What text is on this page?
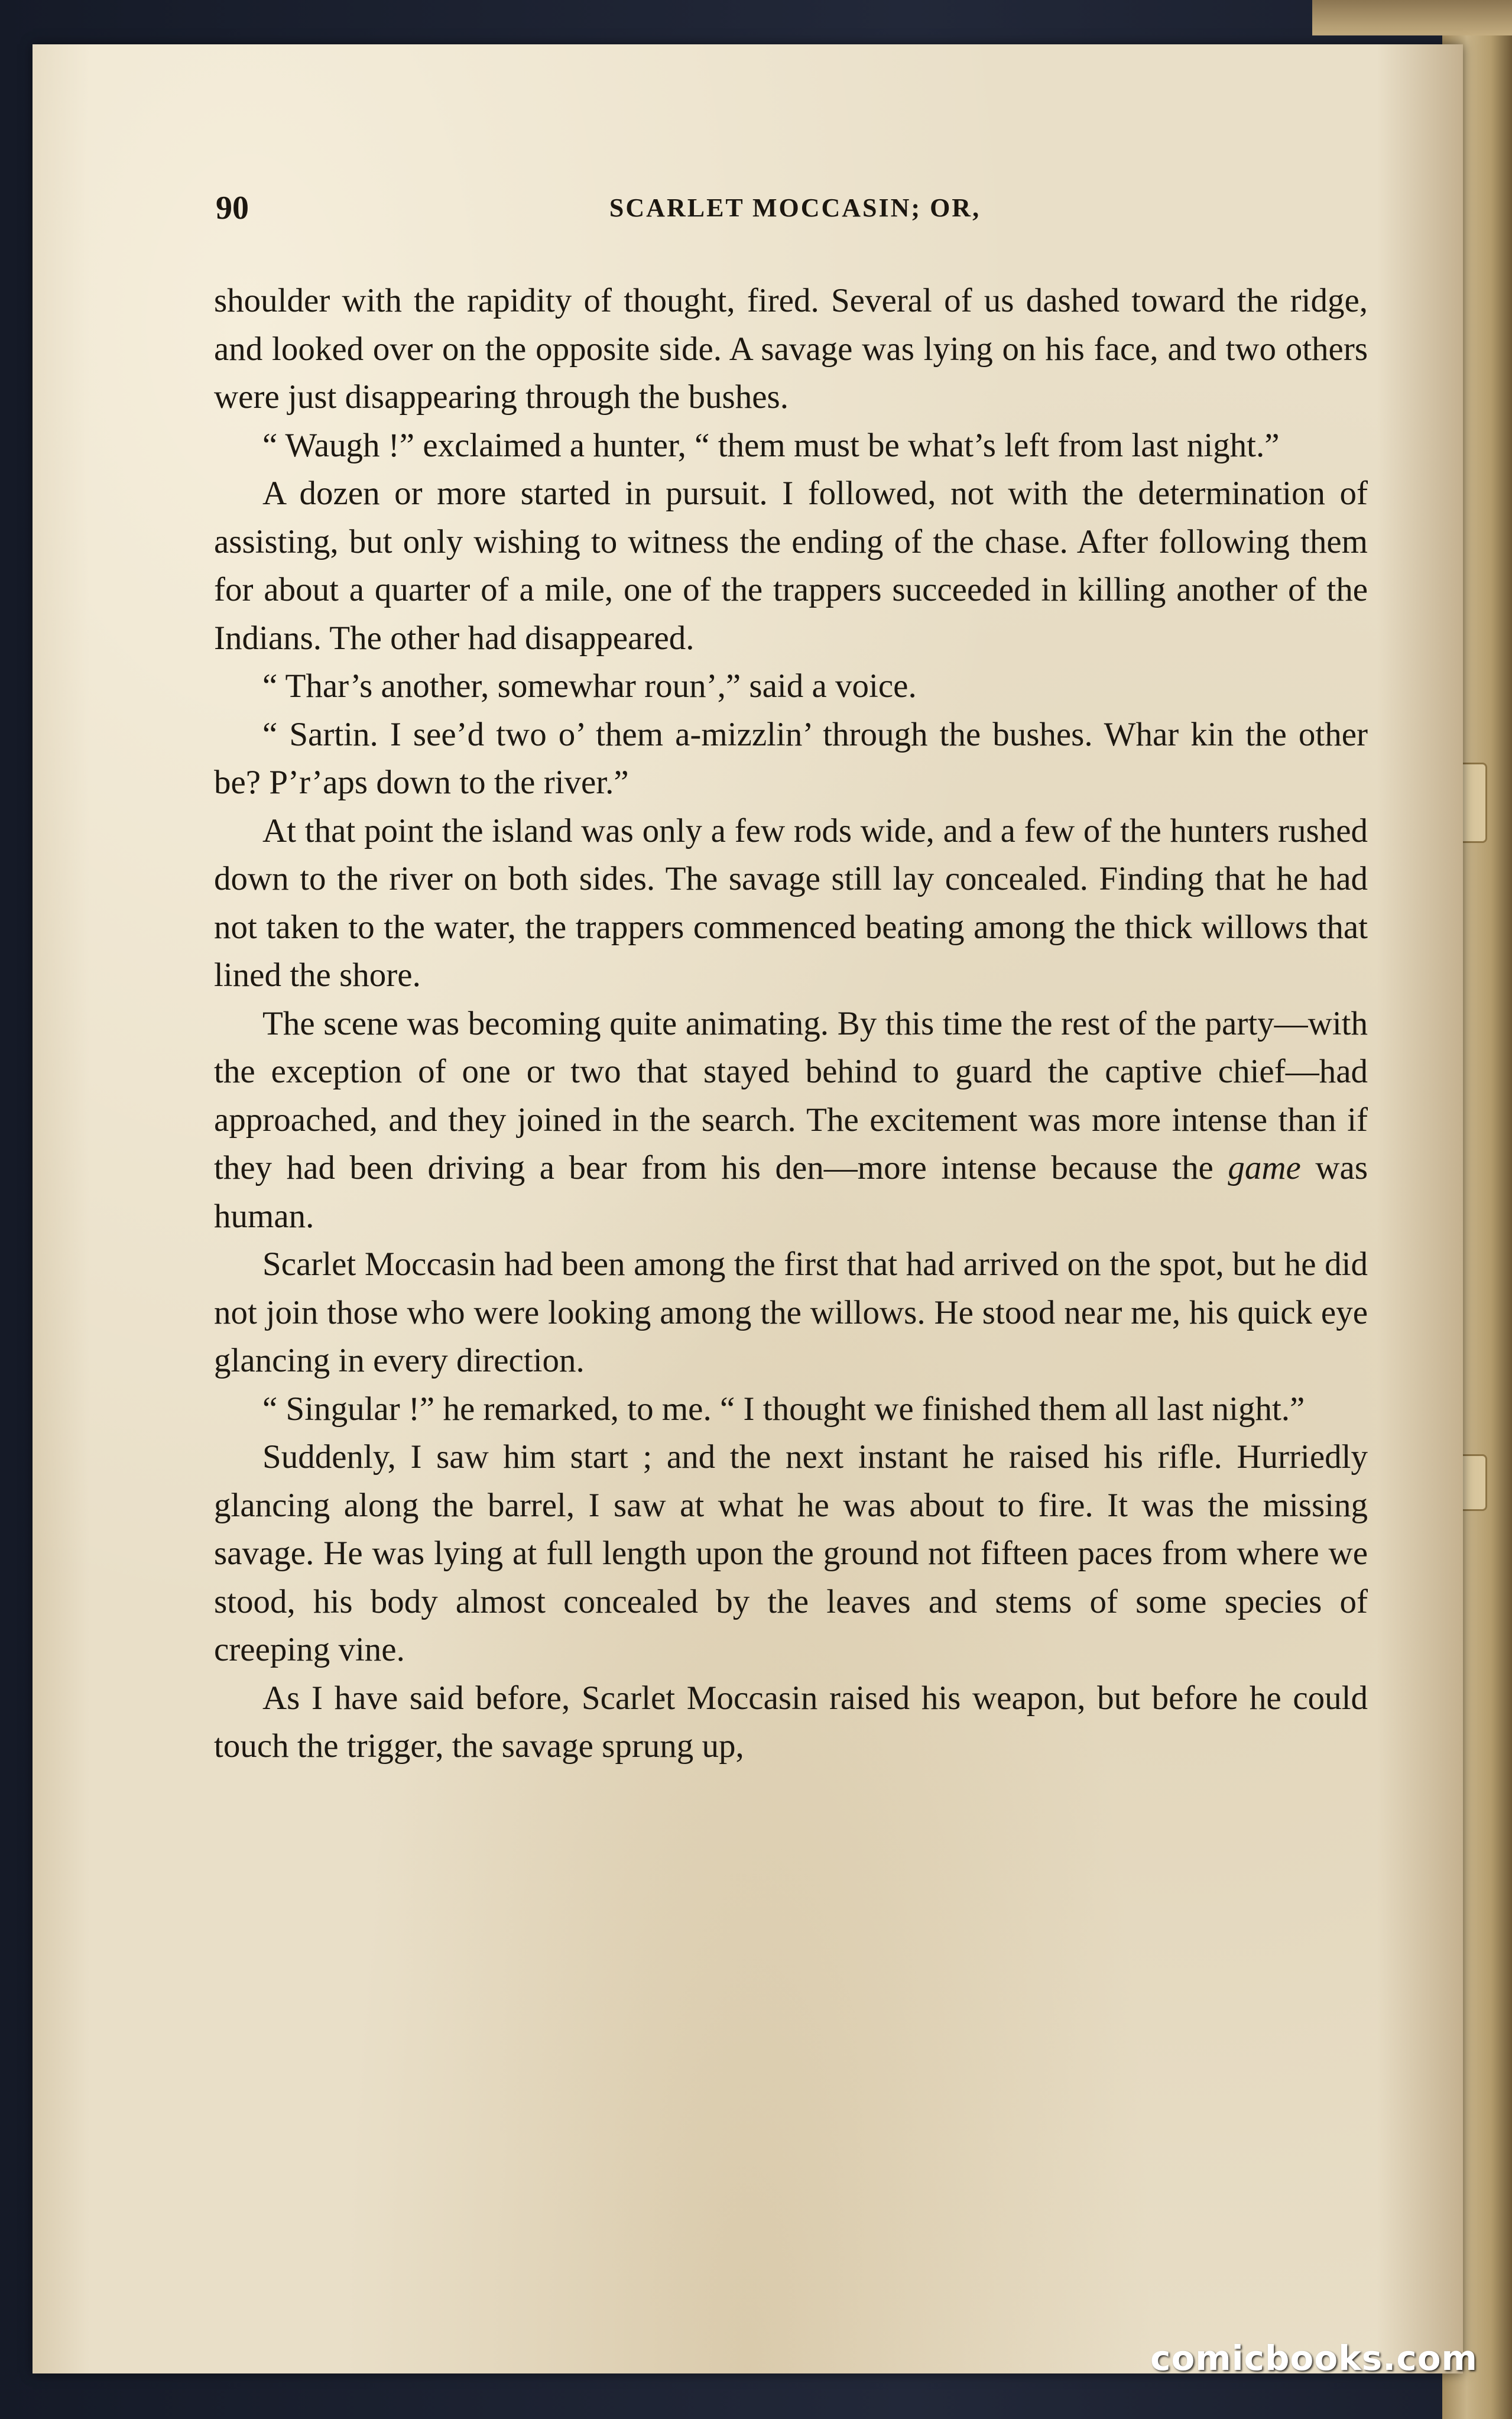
90	SCARLET MOCCASIN; OR,

shoulder with the rapidity of thought, fired. Several of us dashed toward the ridge, and looked over on the opposite side. A savage was lying on his face, and two others were just disappearing through the bushes.

“ Waugh !” exclaimed a hunter, “ them must be what’s left from last night.”

A dozen or more started in pursuit. I followed, not with the determination of assisting, but only wishing to witness the ending of the chase. After following them for about a quarter of a mile, one of the trappers succeeded in killing another of the Indians. The other had disappeared.

“ Thar’s another, somewhar roun’,” said a voice.

“ Sartin. I see’d two o’ them a-mizzlin’ through the bushes. Whar kin the other be? P’r’aps down to the river.”

At that point the island was only a few rods wide, and a few of the hunters rushed down to the river on both sides. The savage still lay concealed. Finding that he had not taken to the water, the trappers commenced beating among the thick willows that lined the shore.

The scene was becoming quite animating. By this time the rest of the party—with the exception of one or two that stayed behind to guard the captive chief—had approached, and they joined in the search. The excitement was more intense than if they had been driving a bear from his den—more intense because the game was human.

Scarlet Moccasin had been among the first that had arrived on the spot, but he did not join those who were looking among the willows. He stood near me, his quick eye glancing in every direction.

“ Singular !” he remarked, to me. “ I thought we finished them all last night.”

Suddenly, I saw him start ; and the next instant he raised his rifle. Hurriedly glancing along the barrel, I saw at what he was about to fire. It was the missing savage. He was lying at full length upon the ground not fifteen paces from where we stood, his body almost concealed by the leaves and stems of some species of creeping vine.

As I have said before, Scarlet Moccasin raised his weapon, but before he could touch the trigger, the savage sprung up,

comicbooks.com
